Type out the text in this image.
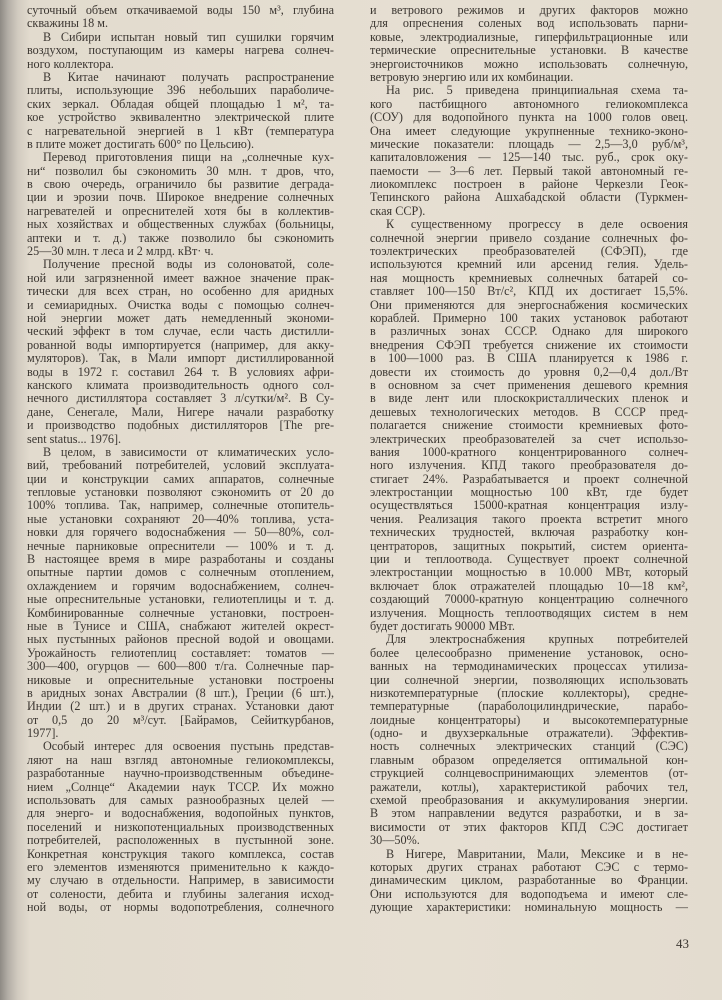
суточный объем откачиваемой воды 150 м³, глубина
скважины 18 м.
В Сибири испытан новый тип сушилки горячим
воздухом, поступающим из камеры нагрева солнеч-
ного коллектора.
В Китае начинают получать распространение
плиты, использующие 396 небольших параболиче-
ских зеркал. Обладая общей площадью 1 м², та-
кое устройство эквивалентно электрической плите
с нагревательной энергией в 1 кВт (температура
в плите может достигать 600° по Цельсию).
Перевод приготовления пищи на „солнечные кух-
ни“ позволил бы сэкономить 30 млн. т дров, что,
в свою очередь, ограничило бы развитие деграда-
ции и эрозии почв. Широкое внедрение солнечных
нагревателей и опреснителей хотя бы в коллектив-
ных хозяйствах и общественных службах (больницы,
аптеки и т. д.) также позволило бы сэкономить
25—30 млн. т леса и 2 млрд. кВт· ч.
Получение пресной воды из солоноватой, соле-
ной или загрязненной имеет важное значение прак-
тически для всех стран, но особенно для аридных
и семиаридных. Очистка воды с помощью солнеч-
ной энергии может дать немедленный экономи-
ческий эффект в том случае, если часть дистилли-
рованной воды импортируется (например, для акку-
муляторов). Так, в Мали импорт дистиллированной
воды в 1972 г. составил 264 т. В условиях афри-
канского климата производительность одного сол-
нечного дистиллятора составляет 3 л/сутки/м². В Су-
дане, Сенегале, Мали, Нигере начали разработку
и производство подобных дистилляторов [The pre-
sent status... 1976].
В целом, в зависимости от климатических усло-
вий, требований потребителей, условий эксплуата-
ции и конструкции самих аппаратов, солнечные
тепловые установки позволяют сэкономить от 20 до
100% топлива. Так, например, солнечные отопитель-
ные установки сохраняют 20—40% топлива, уста-
новки для горячего водоснабжения — 50—80%, сол-
нечные парниковые опреснители — 100% и т. д.
В настоящее время в мире разработаны и созданы
опытные партии домов с солнечным отоплением,
охлаждением и горячим водоснабжением, солнеч-
ные опреснительные установки, гелиотеплицы и т. д.
Комбинированные солнечные установки, построен-
ные в Тунисе и США, снабжают жителей окрест-
ных пустынных районов пресной водой и овощами.
Урожайность гелиотеплиц составляет: томатов —
300—400, огурцов — 600—800 т/га. Солнечные пар-
никовые и опреснительные установки построены
в аридных зонах Австралии (8 шт.), Греции (6 шт.),
Индии (2 шт.) и в других странах. Установки дают
от 0,5 до 20 м³/сут. [Байрамов, Сейиткурбанов,
1977].
Особый интерес для освоения пустынь представ-
ляют на наш взгляд автономные гелиокомплексы,
разработанные научно-производственным объедине-
нием „Солнце“ Академии наук ТССР. Их можно
использовать для самых разнообразных целей —
для энерго- и водоснабжения, водопойных пунктов,
поселений и низкопотенциальных производственных
потребителей, расположенных в пустынной зоне.
Конкретная конструкция такого комплекса, состав
его элементов изменяются применительно к каждо-
му случаю в отдельности. Например, в зависимости
от солености, дебита и глубины залегания исход-
ной воды, от нормы водопотребления, солнечного
и ветрового режимов и других факторов можно
для опреснения соленых вод использовать парни-
ковые, электродиализные, гиперфильтрационные или
термические опреснительные установки. В качестве
энергоисточников можно использовать солнечную,
ветровую энергию или их комбинации.
На рис. 5 приведена принципиальная схема та-
кого пастбищного автономного гелиокомплекса
(СОУ) для водопойного пункта на 1000 голов овец.
Она имеет следующие укрупненные технико-эконо-
мические показатели: площадь — 2,5—3,0 руб/м³,
капиталовложения — 125—140 тыс. руб., срок оку-
паемости — 3—6 лет. Первый такой автономный ге-
лиокомплекс построен в районе Черкезли Геок-
Тепинского района Ашхабадской области (Туркмен-
ская ССР).
К существенному прогрессу в деле освоения
солнечной энергии привело создание солнечных фо-
тоэлектрических преобразователей (СФЭП), где
используются кремний или арсенид гелия. Удель-
ная мощность кремниевых солнечных батарей со-
ставляет 100—150 Вт/с², КПД их достигает 15,5%.
Они применяются для энергоснабжения космических
кораблей. Примерно 100 таких установок работают
в различных зонах СССР. Однако для широкого
внедрения СФЭП требуется снижение их стоимости
в 100—1000 раз. В США планируется к 1986 г.
довести их стоимость до уровня 0,2—0,4 дол./Вт
в основном за счет применения дешевого кремния
в виде лент или плоскокристаллических пленок и
дешевых технологических методов. В СССР пред-
полагается снижение стоимости кремниевых фото-
электрических преобразователей за счет использо-
вания 1000-кратного концентрированного солнеч-
ного излучения. КПД такого преобразователя до-
стигает 24%. Разрабатывается и проект солнечной
электростанции мощностью 100 кВт, где будет
осуществляться 15000-кратная концентрация излу-
чения. Реализация такого проекта встретит много
технических трудностей, включая разработку кон-
центраторов, защитных покрытий, систем ориента-
ции и теплоотвода. Существует проект солнечной
электростанции мощностью в 10.000 МВт, который
включает блок отражателей площадью 10—18 км²,
создающий 70000-кратную концентрацию солнечного
излучения. Мощность теплоотводящих систем в нем
будет достигать 90000 МВт.
Для электроснабжения крупных потребителей
более целесообразно применение установок, осно-
ванных на термодинамических процессах утилиза-
ции солнечной энергии, позволяющих использовать
низкотемпературные (плоские коллекторы), средне-
температурные (параболоцилиндрические, парабо-
лоидные концентраторы) и высокотемпературные
(одно- и двухзеркальные отражатели). Эффектив-
ность солнечных электрических станций (СЭС)
главным образом определяется оптимальной кон-
струкцией солнцевоспринимающих элементов (от-
ражатели, котлы), характеристикой рабочих тел,
схемой преобразования и аккумулирования энергии.
В этом направлении ведутся разработки, и в за-
висимости от этих факторов КПД СЭС достигает
30—50%.
В Нигере, Мавритании, Мали, Мексике и в не-
которых других странах работают СЭС с термо-
динамическим циклом, разработанные во Франции.
Они используются для водоподъема и имеют сле-
дующие характеристики: номинальную мощность —
43
